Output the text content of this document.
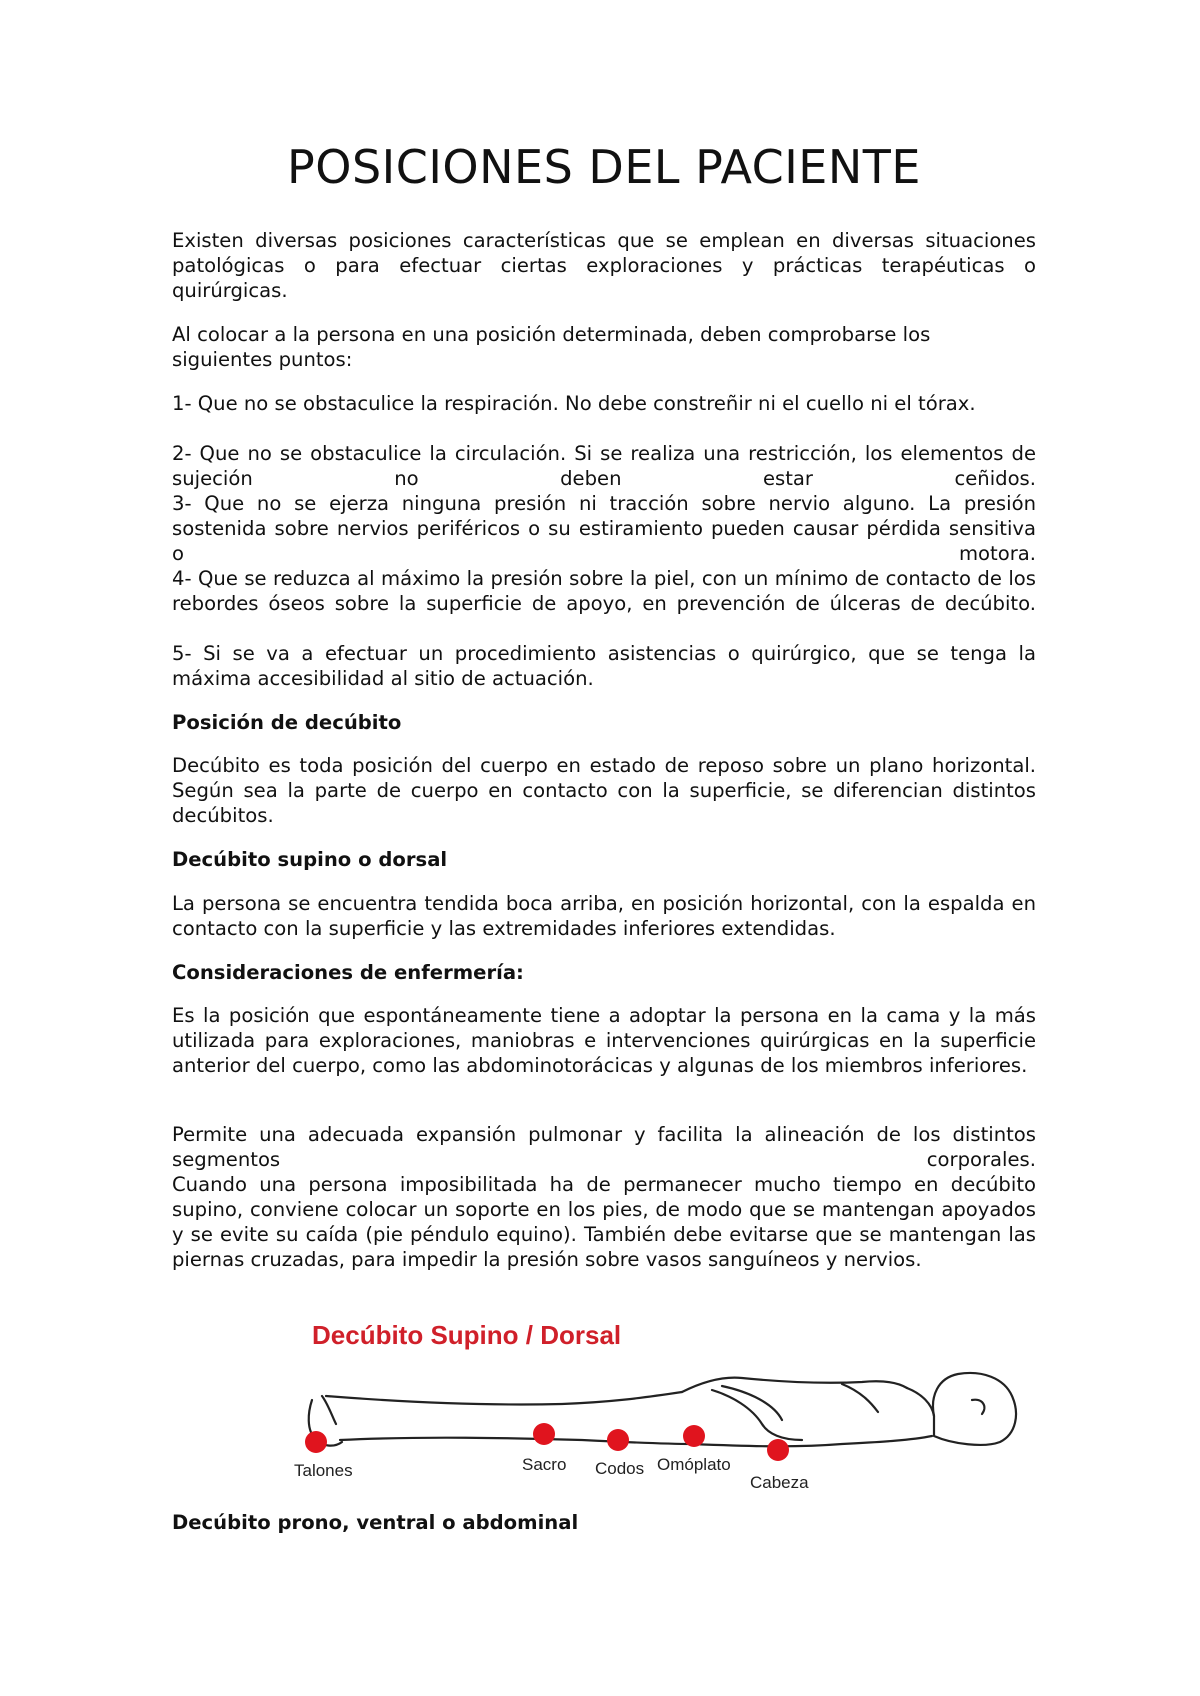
POSICIONES DEL PACIENTE

Existen diversas posiciones características que se emplean en diversas situaciones patológicas o para efectuar ciertas exploraciones y prácticas terapéuticas o quirúrgicas.

Al colocar a la persona en una posición determinada, deben comprobarse los siguientes puntos:

1- Que no se obstaculice la respiración. No debe constreñir ni el cuello ni el tórax.

2- Que no se obstaculice la circulación. Si se realiza una restricción, los elementos de sujeción no deben estar ceñidos.

3- Que no se ejerza ninguna presión ni tracción sobre nervio alguno. La presión sostenida sobre nervios periféricos o su estiramiento pueden causar pérdida sensitiva o motora.

4- Que se reduzca al máximo la presión sobre la piel, con un mínimo de contacto de los rebordes óseos sobre la superficie de apoyo, en prevención de úlceras de decúbito.

5- Si se va a efectuar un procedimiento asistencias o quirúrgico, que se tenga la máxima accesibilidad al sitio de actuación.

Posición de decúbito

Decúbito es toda posición del cuerpo en estado de reposo sobre un plano horizontal. Según sea la parte de cuerpo en contacto con la superficie, se diferencian distintos decúbitos.

Decúbito supino o dorsal

La persona se encuentra tendida boca arriba, en posición horizontal, con la espalda en contacto con la superficie y las extremidades inferiores extendidas.

Consideraciones de enfermería:

Es la posición que espontáneamente tiene a adoptar la persona en la cama y la más utilizada para exploraciones, maniobras e intervenciones quirúrgicas en la superficie anterior del cuerpo, como las abdominotorácicas y algunas de los miembros inferiores.

Permite una adecuada expansión pulmonar y facilita la alineación de los distintos segmentos corporales.

Cuando una persona imposibilitada ha de permanecer mucho tiempo en decúbito supino, conviene colocar un soporte en los pies, de modo que se mantengan apoyados y se evite su caída (pie péndulo equino). También debe evitarse que se mantengan las piernas cruzadas, para impedir la presión sobre vasos sanguíneos y nervios.

Decúbito Supino / Dorsal
Talones	Sacro Codos Omóplato
Cabeza
Decúbito prono, ventral o abdominal
